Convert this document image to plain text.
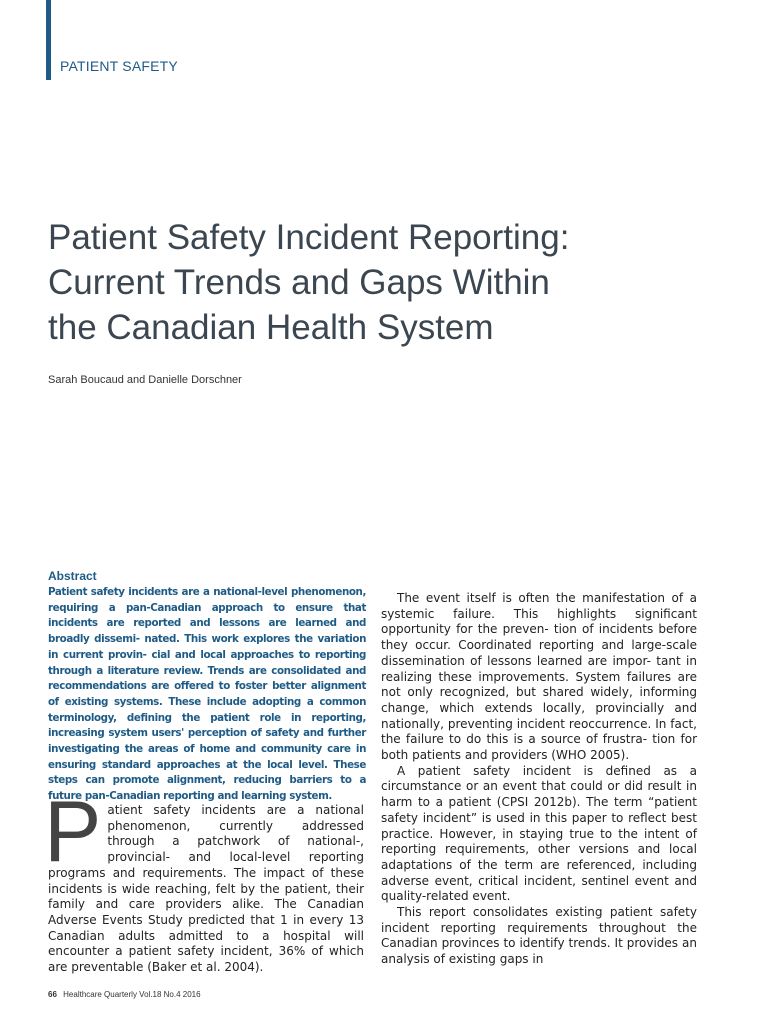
PATIENT SAFETY
Patient Safety Incident Reporting:
Current Trends and Gaps Within
the Canadian Health System
Sarah Boucaud and Danielle Dorschner
Abstract
Patient safety incidents are a national-level phenomenon, requiring a pan-Canadian approach to ensure that incidents are reported and lessons are learned and broadly dissemi- nated. This work explores the variation in current provin- cial and local approaches to reporting through a literature review. Trends are consolidated and recommendations are offered to foster better alignment of existing systems. These include adopting a common terminology, defining the patient role in reporting, increasing system users' perception of safety and further investigating the areas of home and community care in ensuring standard approaches at the local level. These steps can promote alignment, reducing barriers to a future pan-Canadian reporting and learning system.
P atient safety incidents are a national phenomenon, currently addressed through a patchwork of national-, provincial- and local-level reporting programs and requirements. The impact of these incidents is wide reaching, felt by the patient, their family and care providers alike. The Canadian Adverse Events Study predicted that 1 in every 13 Canadian adults admitted to a hospital will encounter a patient safety incident, 36% of which are preventable (Baker et al. 2004).

The event itself is often the manifestation of a systemic failure. This highlights significant opportunity for the preven- tion of incidents before they occur. Coordinated reporting and large-scale dissemination of lessons learned are impor- tant in realizing these improvements. System failures are not only recognized, but shared widely, informing change, which extends locally, provincially and nationally, preventing incident reoccurrence. In fact, the failure to do this is a source of frustra- tion for both patients and providers (WHO 2005).

A patient safety incident is defined as a circumstance or an event that could or did result in harm to a patient (CPSI 2012b). The term “patient safety incident” is used in this paper to reflect best practice. However, in staying true to the intent of reporting requirements, other versions and local adaptations of the term are referenced, including adverse event, critical incident, sentinel event and quality-related event.

This report consolidates existing patient safety incident reporting requirements throughout the Canadian provinces to identify trends. It provides an analysis of existing gaps in

66 Healthcare Quarterly Vol.18 No.4 2016
